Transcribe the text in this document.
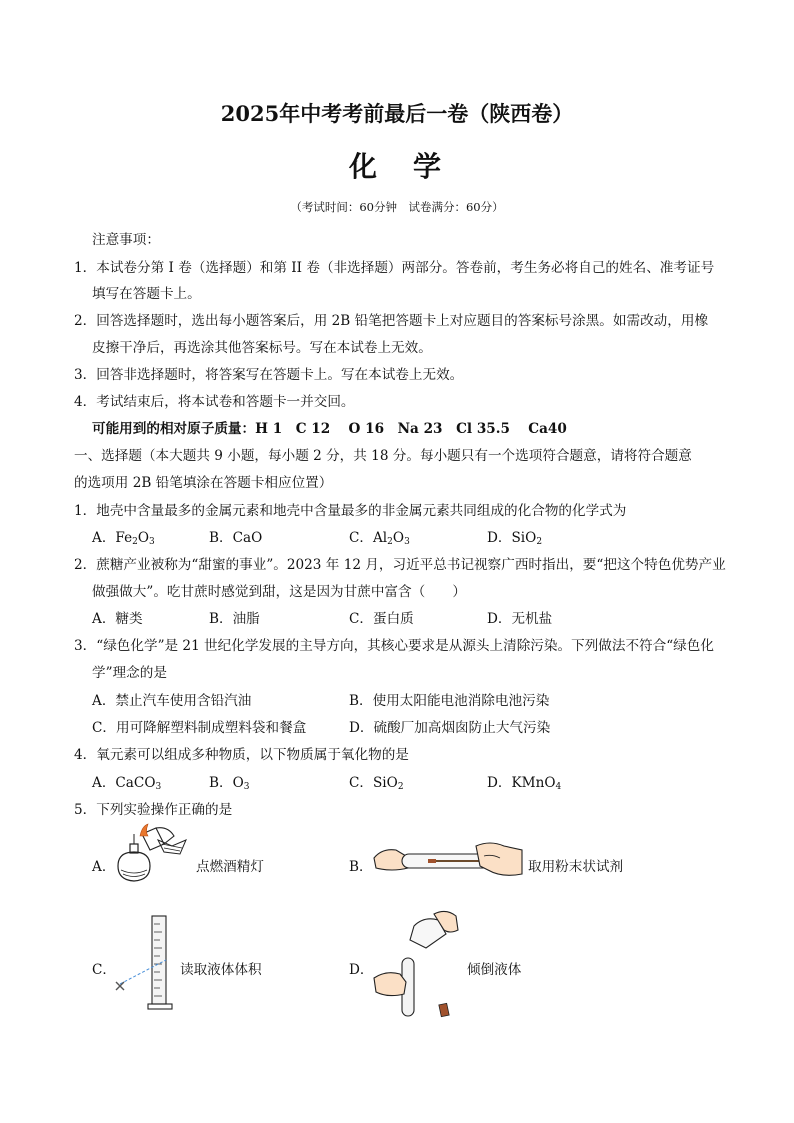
2025年中考考前最后一卷（陕西卷）
化　学
（考试时间：60分钟　试卷满分：60分）
注意事项：
1．本试卷分第 I 卷（选择题）和第 II 卷（非选择题）两部分。答卷前，考生务必将自己的姓名、准考证号
填写在答题卡上。
2．回答选择题时，选出每小题答案后，用 2B 铅笔把答题卡上对应题目的答案标号涂黑。如需改动，用橡
皮擦干净后，再选涂其他答案标号。写在本试卷上无效。
3．回答非选择题时，将答案写在答题卡上。写在本试卷上无效。
4．考试结束后，将本试卷和答题卡一并交回。
可能用到的相对原子质量：H 1　C 12　 O 16　Na 23　Cl 35.5　 Ca40
一、选择题（本大题共 9 小题，每小题 2 分，共 18 分。每小题只有一个选项符合题意，请将符合题意
的选项用 2B 铅笔填涂在答题卡相应位置）
1．地壳中含量最多的金属元素和地壳中含量最多的非金属元素共同组成的化合物的化学式为
A．$Fe_2O_3$	B．CaO	C．$Al_2O_3$	D．SiO$_2$
2．蔗糖产业被称为“甜蜜的事业”。2023 年 12 月，习近平总书记视察广西时指出，要“把这个特色优势产业
做强做大”。吃甘蔗时感觉到甜，这是因为甘蔗中富含（　　）
A．糖类	B．油脂	C．蛋白质	D．无机盐
3．“绿色化学”是 21 世纪化学发展的主导方向，其核心要求是从源头上清除污染。下列做法不符合“绿色化
学”理念的是
A．禁止汽车使用含铅汽油	B．使用太阳能电池消除电池污染
C．用可降解塑料制成塑料袋和餐盒	D．硫酸厂加高烟囱防止大气污染
4．氧元素可以组成多种物质，以下物质属于氧化物的是
A．CaCO$_3$	B．$O_3$	C．SiO$_2$	D．KMnO$_4$
5．下列实验操作正确的是
A．	点燃酒精灯	B．	取用粉末状试剂
C．	读取液体体积	D．	倾倒液体
